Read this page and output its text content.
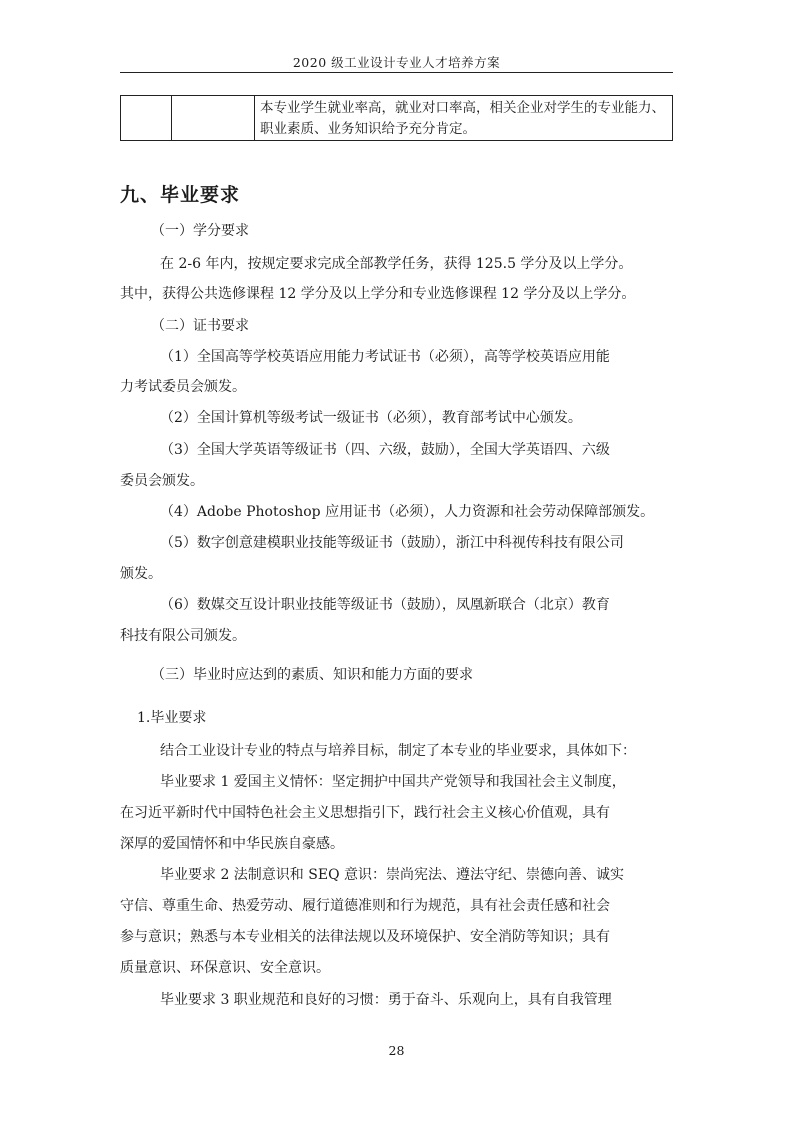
2020 级工业设计专业人才培养方案

本专业学生就业率高，就业对口率高，相关企业对学生的专业能力、
职业素质、业务知识给予充分肯定。
九、毕业要求
（一）学分要求
在 2-6 年内，按规定要求完成全部教学任务，获得 125.5 学分及以上学分。
其中，获得公共选修课程 12 学分及以上学分和专业选修课程 12 学分及以上学分。
（二）证书要求
（1）全国高等学校英语应用能力考试证书（必须），高等学校英语应用能
力考试委员会颁发。
（2）全国计算机等级考试一级证书（必须），教育部考试中心颁发。
（3）全国大学英语等级证书（四、六级，鼓励），全国大学英语四、六级
委员会颁发。
（4）Adobe Photoshop 应用证书（必须），人力资源和社会劳动保障部颁发。
（5）数字创意建模职业技能等级证书（鼓励），浙江中科视传科技有限公司
颁发。
（6）数媒交互设计职业技能等级证书（鼓励），凤凰新联合（北京）教育
科技有限公司颁发。
（三）毕业时应达到的素质、知识和能力方面的要求
1.毕业要求
结合工业设计专业的特点与培养目标，制定了本专业的毕业要求，具体如下：
毕业要求 1 爱国主义情怀：坚定拥护中国共产党领导和我国社会主义制度，
在习近平新时代中国特色社会主义思想指引下，践行社会主义核心价值观，具有
深厚的爱国情怀和中华民族自豪感。
毕业要求 2 法制意识和 SEQ 意识：崇尚宪法、遵法守纪、崇德向善、诚实
守信、尊重生命、热爱劳动、履行道德准则和行为规范，具有社会责任感和社会
参与意识；熟悉与本专业相关的法律法规以及环境保护、安全消防等知识；具有
质量意识、环保意识、安全意识。
毕业要求 3 职业规范和良好的习惯：勇于奋斗、乐观向上，具有自我管理
28
